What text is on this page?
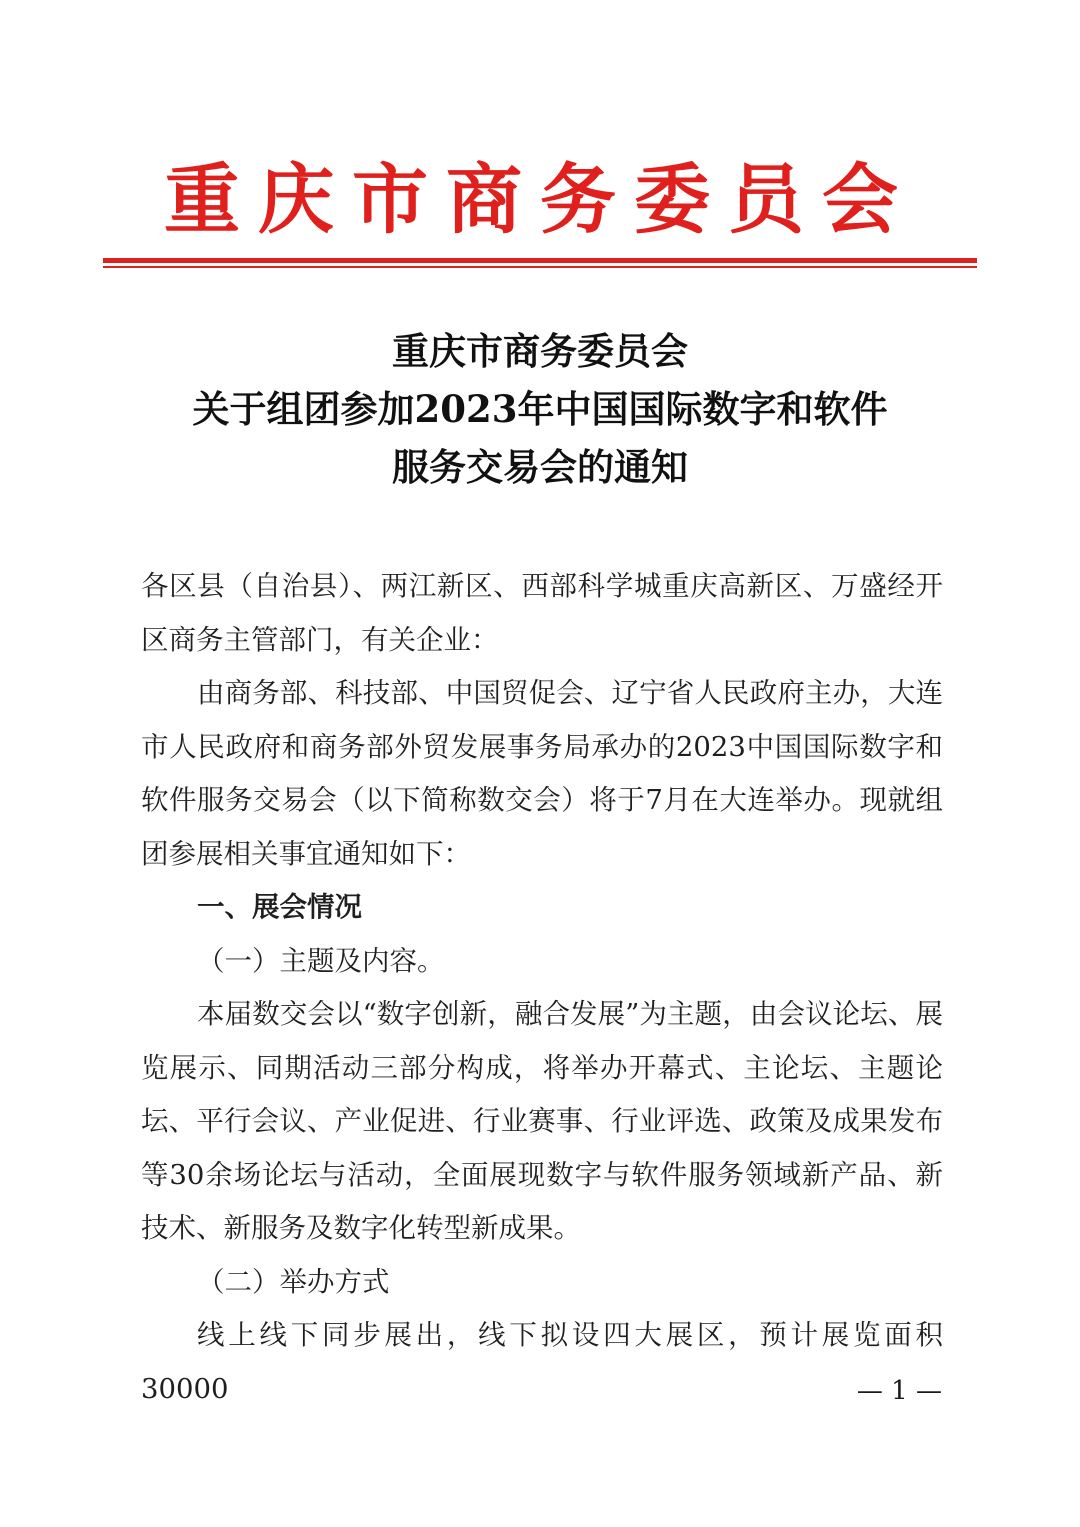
重庆市商务委员会
重庆市商务委员会
关于组团参加2023年中国国际数字和软件
服务交易会的通知

各区县（自治县）、两江新区、西部科学城重庆高新区、万盛经开区商务主管部门，有关企业：

由商务部、科技部、中国贸促会、辽宁省人民政府主办，大连市人民政府和商务部外贸发展事务局承办的2023中国国际数字和软件服务交易会（以下简称数交会）将于7月在大连举办。现就组团参展相关事宜通知如下：

一、展会情况

（一）主题及内容。

本届数交会以“数字创新，融合发展”为主题，由会议论坛、展览展示、同期活动三部分构成，将举办开幕式、主论坛、主题论坛、平行会议、产业促进、行业赛事、行业评选、政策及成果发布等30余场论坛与活动，全面展现数字与软件服务领域新产品、新技术、新服务及数字化转型新成果。

（二）举办方式

线上线下同步展出，线下拟设四大展区，预计展览面积30000	— 1 —
